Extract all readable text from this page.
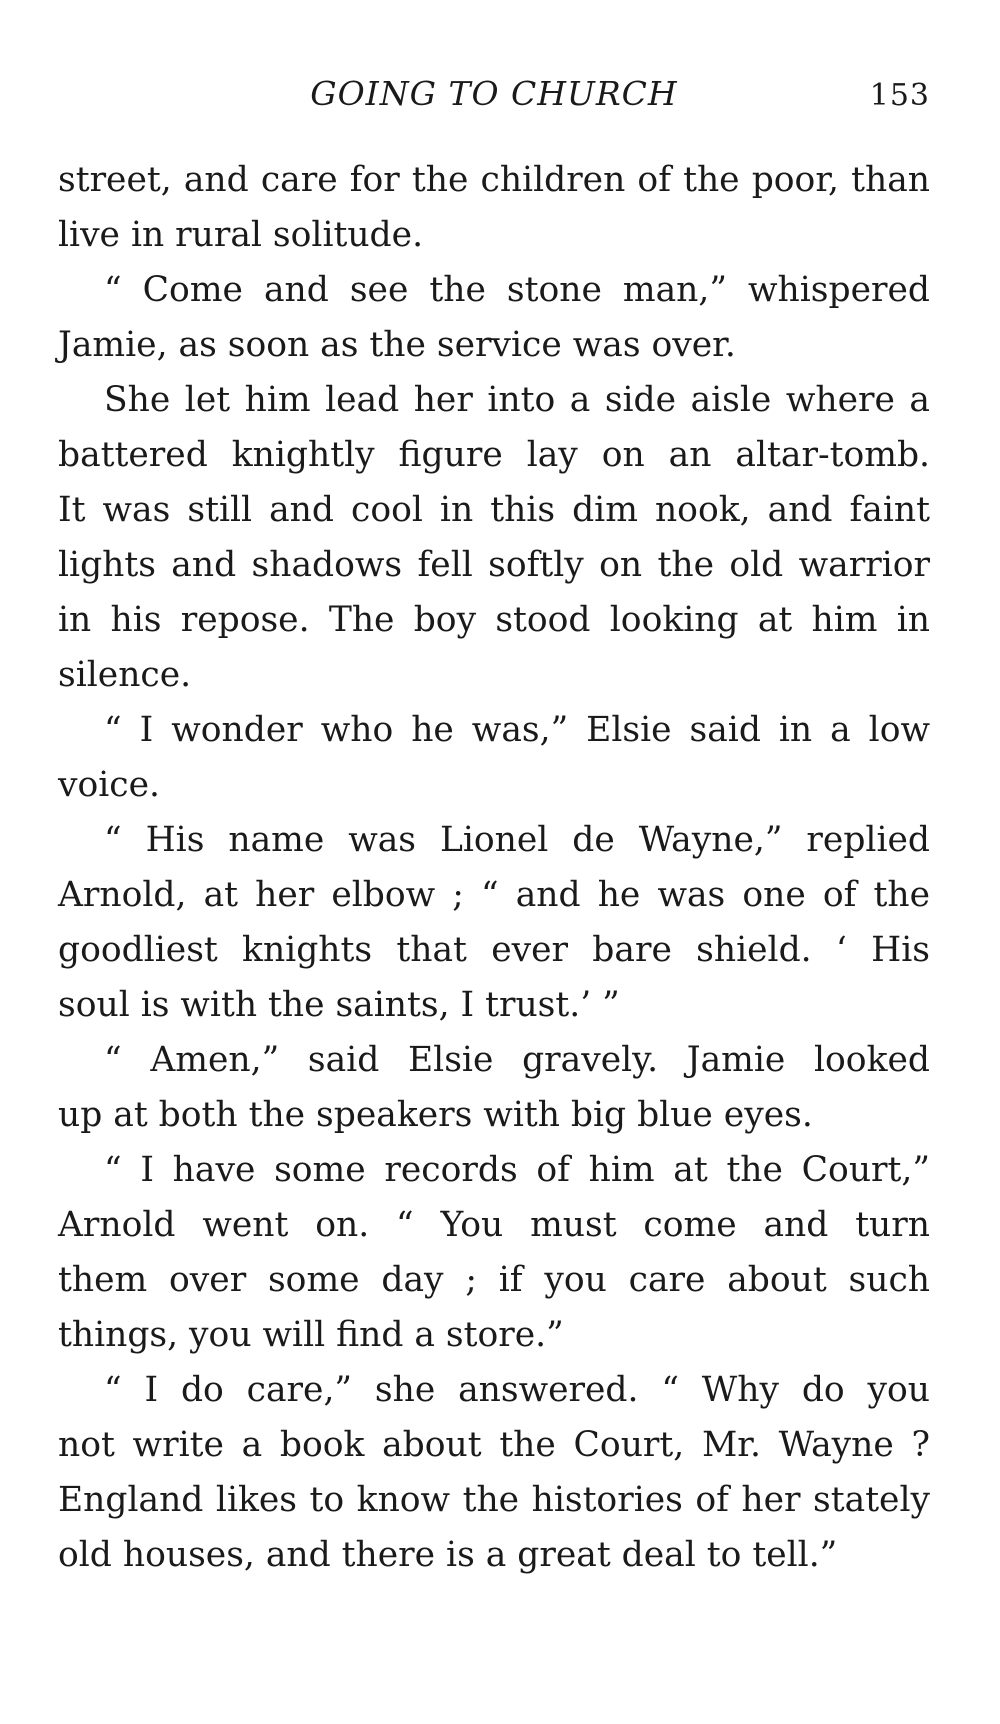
GOING TO CHURCH	153
street, and care for the children of the poor, than
live in rural solitude.
“ Come and see the stone man,” whispered
Jamie, as soon as the service was over.
She let him lead her into a side aisle where a
battered knightly figure lay on an altar-tomb.
It was still and cool in this dim nook, and faint
lights and shadows fell softly on the old warrior
in his repose. The boy stood looking at him in
silence.
“ I wonder who he was,” Elsie said in a low
voice.
“ His name was Lionel de Wayne,” replied
Arnold, at her elbow ; “ and he was one of the
goodliest knights that ever bare shield. ‘ His
soul is with the saints, I trust.’ ”
“ Amen,” said Elsie gravely. Jamie looked
up at both the speakers with big blue eyes.
“ I have some records of him at the Court,”
Arnold went on. “ You must come and turn
them over some day ; if you care about such
things, you will find a store.”
“ I do care,” she answered. “ Why do you
not write a book about the Court, Mr. Wayne ?
England likes to know the histories of her stately
old houses, and there is a great deal to tell.”
